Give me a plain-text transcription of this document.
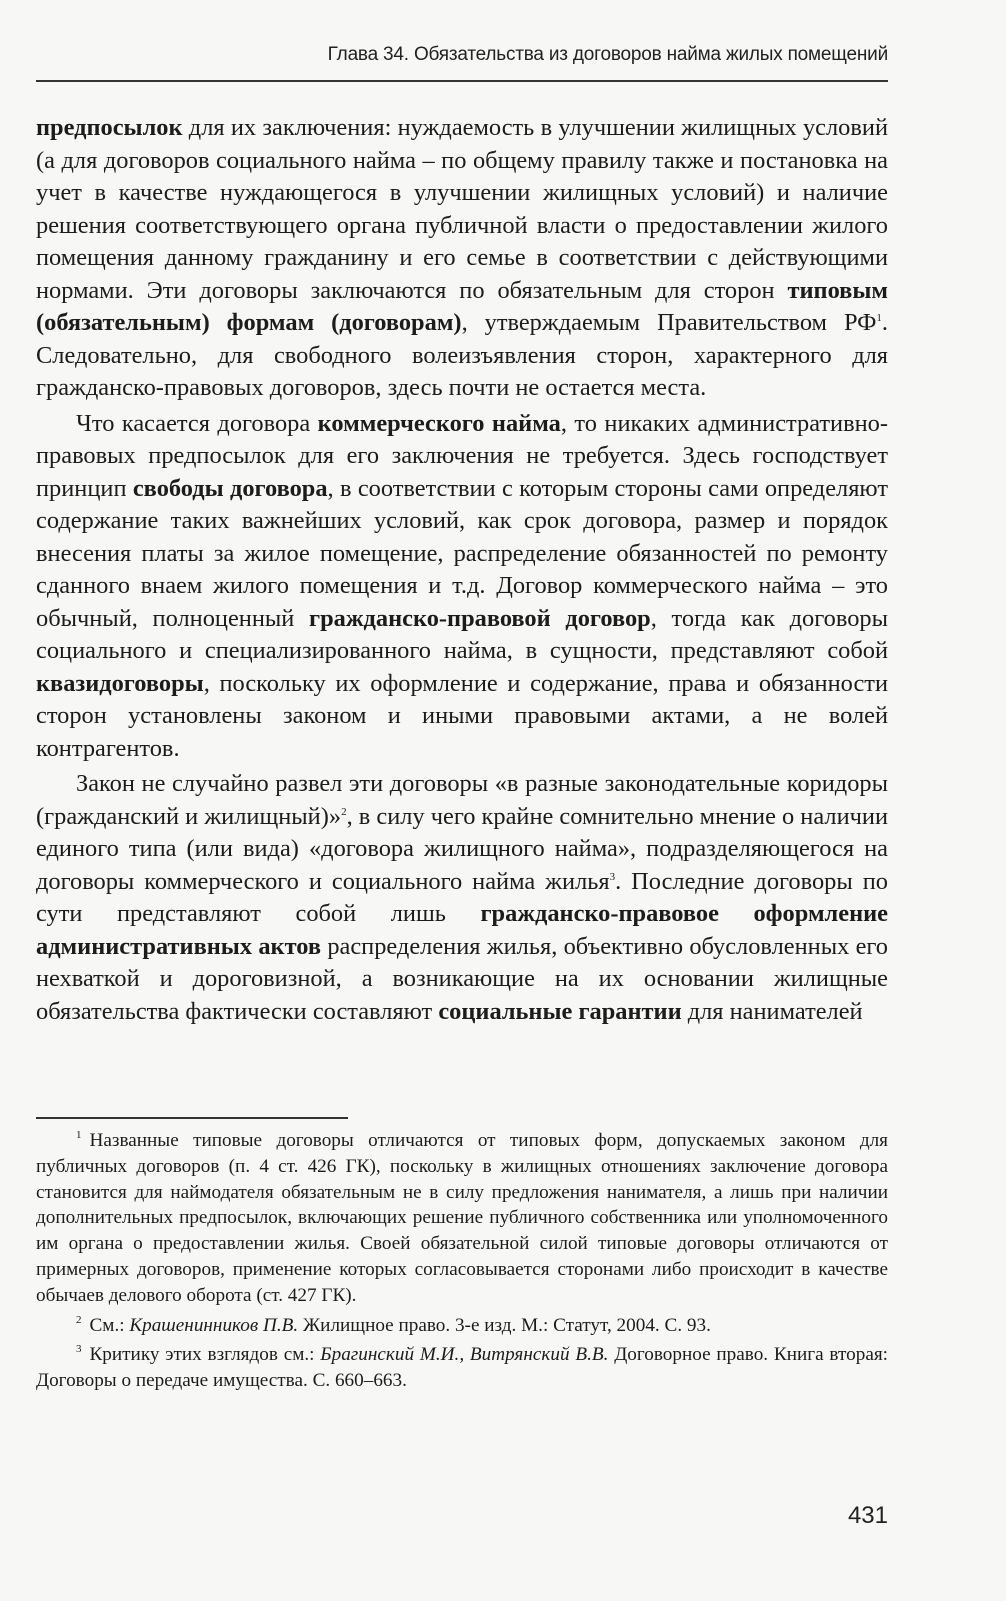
Глава 34. Обязательства из договоров найма жилых помещений

предпосылок для их заключения: нуждаемость в улучшении жилищных условий (а для договоров социального найма – по общему правилу также и постановка на учет в качестве нуждающегося в улучшении жилищных условий) и наличие решения соответствующего органа публичной власти о предоставлении жилого помещения данному гражданину и его семье в соответствии с действующими нормами. Эти договоры заключаются по обязательным для сторон типовым (обязательным) формам (договорам), утверждаемым Правительством РФ$^1$. Следовательно, для свободного волеизъявления сторон, характерного для гражданско-правовых договоров, здесь почти не остается места.

Что касается договора коммерческого найма, то никаких административно-правовых предпосылок для его заключения не требуется. Здесь господствует принцип свободы договора, в соответствии с которым стороны сами определяют содержание таких важнейших условий, как срок договора, размер и порядок внесения платы за жилое помещение, распределение обязанностей по ремонту сданного внаем жилого помещения и т.д. Договор коммерческого найма – это обычный, полноценный гражданско-правовой договор, тогда как договоры социального и специализированного найма, в сущности, представляют собой квазидоговоры, поскольку их оформление и содержание, права и обязанности сторон установлены законом и иными правовыми актами, а не волей контрагентов.

Закон не случайно развел эти договоры «в разные законодательные коридоры (гражданский и жилищный)»$^2$, в силу чего крайне сомнительно мнение о наличии единого типа (или вида) «договора жилищного найма», подразделяющегося на договоры коммерческого и социального найма жилья$^3$. Последние договоры по сути представляют собой лишь гражданско-правовое оформление административных актов распределения жилья, объективно обусловленных его нехваткой и дороговизной, а возникающие на их основании жилищные обязательства фактически составляют социальные гарантии для нанимателей

$^1$ Названные типовые договоры отличаются от типовых форм, допускаемых законом для публичных договоров (п. 4 ст. 426 ГК), поскольку в жилищных отношениях заключение договора становится для наймодателя обязательным не в силу предложения нанимателя, а лишь при наличии дополнительных предпосылок, включающих решение публичного собственника или уполномоченного им органа о предоставлении жилья. Своей обязательной силой типовые договоры отличаются от примерных договоров, применение которых согласовывается сторонами либо происходит в качестве обычаев делового оборота (ст. 427 ГК).

$^2$ См.: Крашенинников П.В. Жилищное право. 3-е изд. М.: Статут, 2004. С. 93.

$^3$ Критику этих взглядов см.: Брагинский М.И., Витрянский В.В. Договорное право. Книга вторая: Договоры о передаче имущества. С. 660–663.

431
